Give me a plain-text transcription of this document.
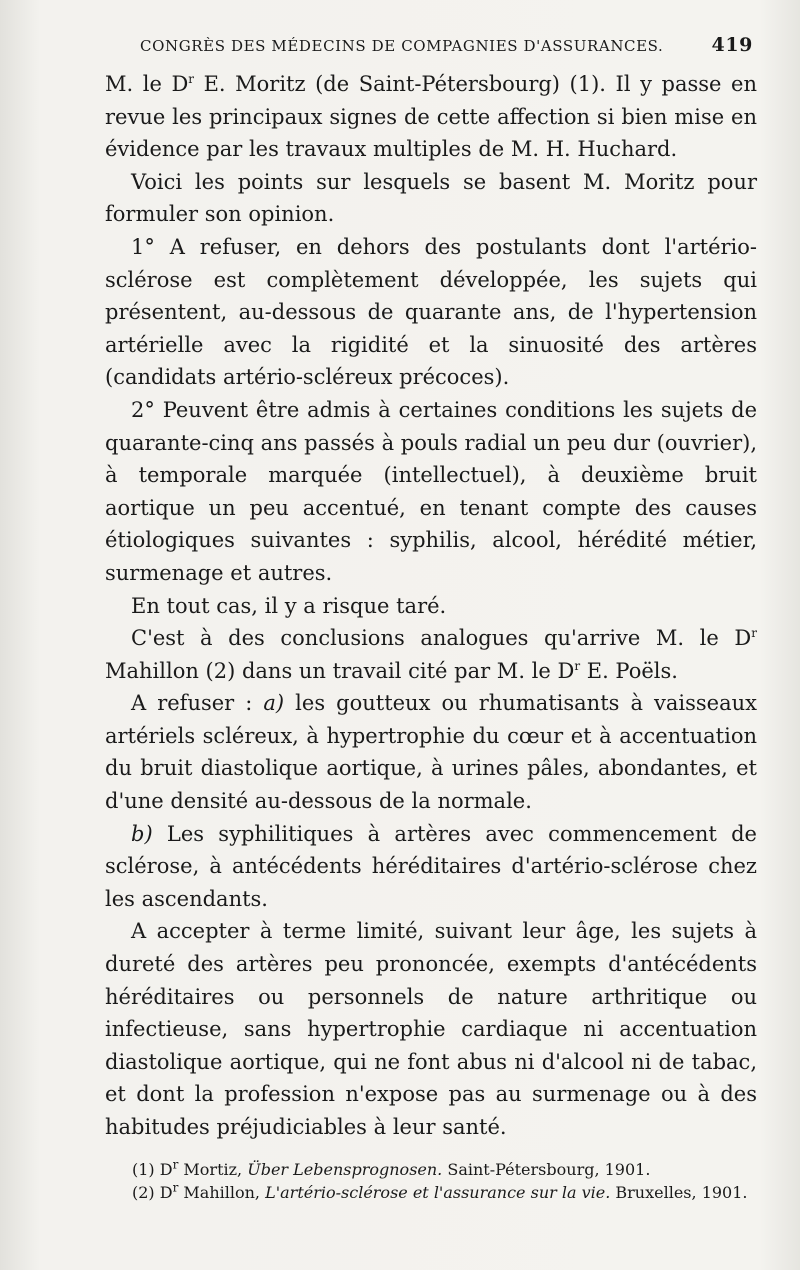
CONGRÈS DES MÉDECINS DE COMPAGNIES D'ASSURANCES.	419

M. le $D^r$ E. Moritz (de Saint-Pétersbourg) (1). Il y passe en revue les principaux signes de cette affection si bien mise en évidence par les travaux multiples de M. H. Huchard.

Voici les points sur lesquels se basent M. Moritz pour formuler son opinion.

1° A refuser, en dehors des postulants dont l'artério-sclérose est complètement développée, les sujets qui présentent, au-dessous de quarante ans, de l'hypertension artérielle avec la rigidité et la sinuosité des artères (candidats artério-scléreux précoces).

2° Peuvent être admis à certaines conditions les sujets de quarante-cinq ans passés à pouls radial un peu dur (ouvrier), à temporale marquée (intellectuel), à deuxième bruit aortique un peu accentué, en tenant compte des causes étiologiques suivantes : syphilis, alcool, hérédité métier, surmenage et autres.

En tout cas, il y a risque taré.

C'est à des conclusions analogues qu'arrive M. le $D^r$ Mahillon (2) dans un travail cité par M. le $D^r$ E. Poëls.

A refuser : a) les goutteux ou rhumatisants à vaisseaux artériels scléreux, à hypertrophie du cœur et à accentuation du bruit diastolique aortique, à urines pâles, abondantes, et d'une densité au-dessous de la normale.

b) Les syphilitiques à artères avec commencement de sclérose, à antécédents héréditaires d'artério-sclérose chez les ascendants.

A accepter à terme limité, suivant leur âge, les sujets à dureté des artères peu prononcée, exempts d'antécédents héréditaires ou personnels de nature arthritique ou infectieuse, sans hypertrophie cardiaque ni accentuation diastolique aortique, qui ne font abus ni d'alcool ni de tabac, et dont la profession n'expose pas au surmenage ou à des habitudes préjudiciables à leur santé.

(1) $D^r$ Mortiz, Über Lebensprognosen. Saint-Pétersbourg, 1901.

(2) $D^r$ Mahillon, L'artério-sclérose et l'assurance sur la vie. Bruxelles, 1901.
